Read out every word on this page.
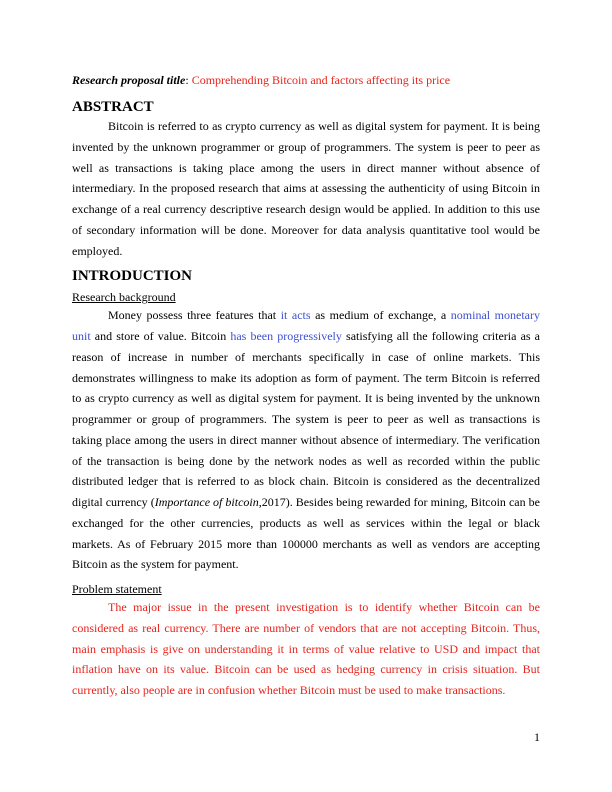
Research proposal title: Comprehending Bitcoin and factors affecting its price

ABSTRACT

Bitcoin is referred to as crypto currency as well as digital system for payment. It is being invented by the unknown programmer or group of programmers. The system is peer to peer as well as transactions is taking place among the users in direct manner without absence of intermediary. In the proposed research that aims at assessing the authenticity of using Bitcoin in exchange of a real currency descriptive research design would be applied. In addition to this use of secondary information will be done. Moreover for data analysis quantitative tool would be employed.

INTRODUCTION

Research background

Money possess three features that it acts as medium of exchange, a nominal monetary unit and store of value. Bitcoin has been progressively satisfying all the following criteria as a reason of increase in number of merchants specifically in case of online markets. This demonstrates willingness to make its adoption as form of payment. The term Bitcoin is referred to as crypto currency as well as digital system for payment. It is being invented by the unknown programmer or group of programmers. The system is peer to peer as well as transactions is taking place among the users in direct manner without absence of intermediary. The verification of the transaction is being done by the network nodes as well as recorded within the public distributed ledger that is referred to as block chain. Bitcoin is considered as the decentralized digital currency (Importance of bitcoin,2017). Besides being rewarded for mining, Bitcoin can be exchanged for the other currencies, products as well as services within the legal or black markets. As of February 2015 more than 100000 merchants as well as vendors are accepting Bitcoin as the system for payment.

Problem statement

The major issue in the present investigation is to identify whether Bitcoin can be considered as real currency. There are number of vendors that are not accepting Bitcoin. Thus, main emphasis is give on understanding it in terms of value relative to USD and impact that inflation have on its value. Bitcoin can be used as hedging currency in crisis situation. But currently, also people are in confusion whether Bitcoin must be used to make transactions.

1
